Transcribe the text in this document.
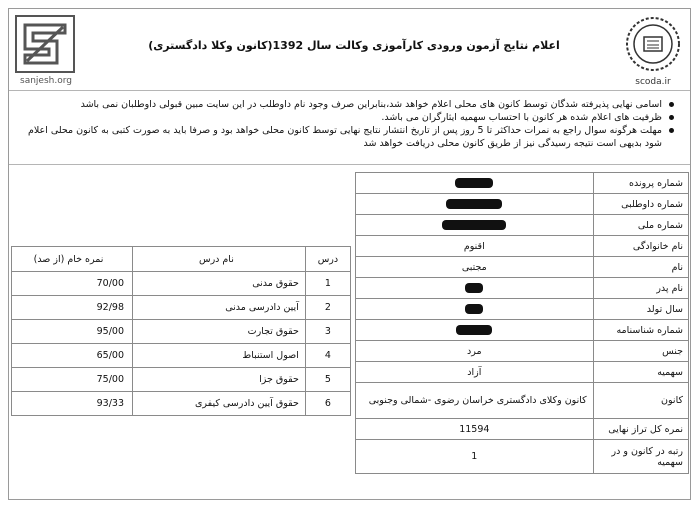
sanjesh.org
اعلام نتایج آزمون ورودی کارآموزی وکالت سال 1392(کانون وکلا دادگستری)
scoda.ir
اسامی نهایی پذیرفته شدگان توسط کانون های محلی اعلام خواهد شد،بنابراین صرف وجود نام داوطلب در این سایت مبین قبولی داوطلبان نمی باشد
ظرفیت های اعلام شده هر کانون با احتساب سهمیه ایثارگران می باشد.
مهلت هرگونه سوال راجع به نمرات حداکثر تا 5 روز پس از تاریخ انتشار نتایج نهایی توسط کانون محلی خواهد بود و صرفا باید به صورت کتبی به کانون محلی اعلام شود بدیهی است نتیجه رسیدگی نیز از طریق کانون محلی دریافت خواهد شد
شماره پرونده	
شماره داوطلبی	
شماره ملی	
نام خانوادگی	اقنوم
نام	مجتبی
نام پدر	
سال تولد	
شماره شناسنامه	
جنس	مرد
سهمیه	آزاد
کانون	کانون وکلای دادگستری خراسان رضوی -شمالی وجنوبی
نمره کل تراز نهایی	11594
رتبه در کانون و در سهمیه	1
درس	نام درس	نمره خام (از صد)
1	حقوق مدنی	70/00
2	آیین دادرسی مدنی	92/98
3	حقوق تجارت	95/00
4	اصول استنباط	65/00
5	حقوق جزا	75/00
6	حقوق آیین دادرسی کیفری	93/33
